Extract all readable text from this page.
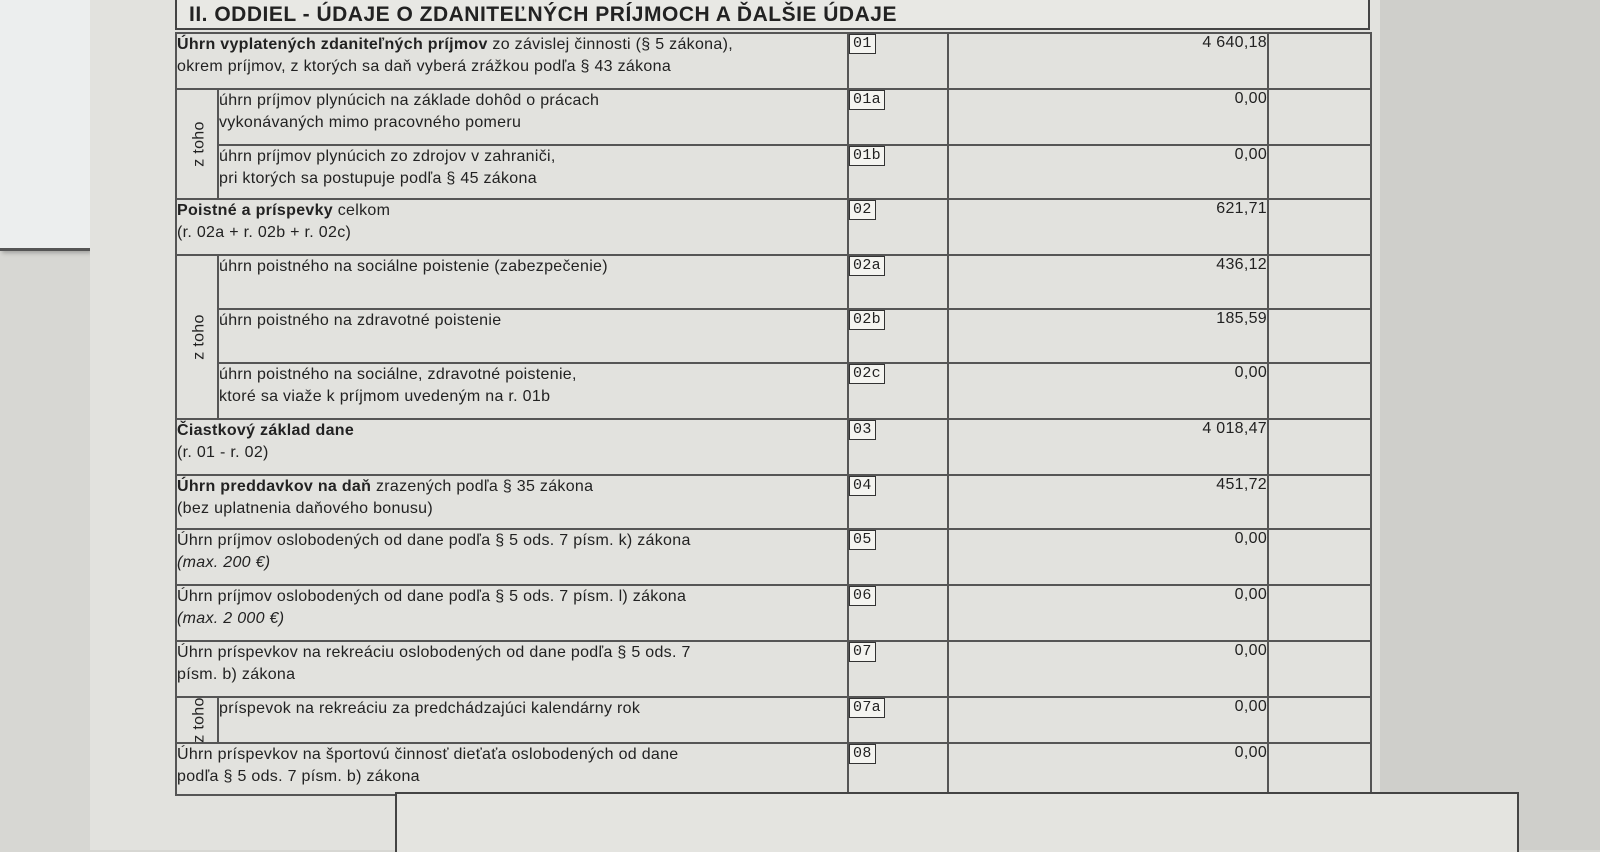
II. ODDIEL - ÚDAJE O ZDANITEĽNÝCH PRÍJMOCH A ĎALŠIE ÚDAJE
Úhrn vyplatených zdaniteľných príjmov zo závislej činnosti (§ 5 zákona),
okrem príjmov, z ktorých sa daň vyberá zrážkou podľa § 43 zákona		01	4 640,18	
z toho	úhrn príjmov plynúcich na základe dohôd o prácach
vykonávaných mimo pracovného pomeru	01a	0,00	

	úhrn príjmov plynúcich zo zdrojov v zahraniči,
pri ktorých sa postupuje podľa § 45 zákona	01b	0,00	

Poistné a príspevky celkom
(r. 02a + r. 02b + r. 02c)		02	621,71	
z toho	úhrn poistného na sociálne poistenie (zabezpečenie)	02a	436,12	

	úhrn poistného na zdravotné poistenie	02b	185,59	

	úhrn poistného na sociálne, zdravotné poistenie,
ktoré sa viaže k príjmom uvedeným na r. 01b	02c	0,00	

Čiastkový základ dane
(r. 01 - r. 02)		03	4 018,47	

Úhrn preddavkov na daň zrazených podľa § 35 zákona
(bez uplatnenia daňového bonusu)		04	451,72	

Úhrn príjmov oslobodených od dane podľa § 5 ods. 7 písm. k) zákona
(max. 200 €)		05	0,00	

Úhrn príjmov oslobodených od dane podľa § 5 ods. 7 písm. l) zákona
(max. 2 000 €)		06	0,00	

Úhrn príspevkov na rekreáciu oslobodených od dane podľa § 5 ods. 7
písm. b) zákona		07	0,00	
z toho	príspevok na rekreáciu za predchádzajúci kalendárny rok	07a	0,00	

Úhrn príspevkov na športovú činnosť dieťaťa oslobodených od dane
podľa § 5 ods. 7 písm. b) zákona		08	0,00	
